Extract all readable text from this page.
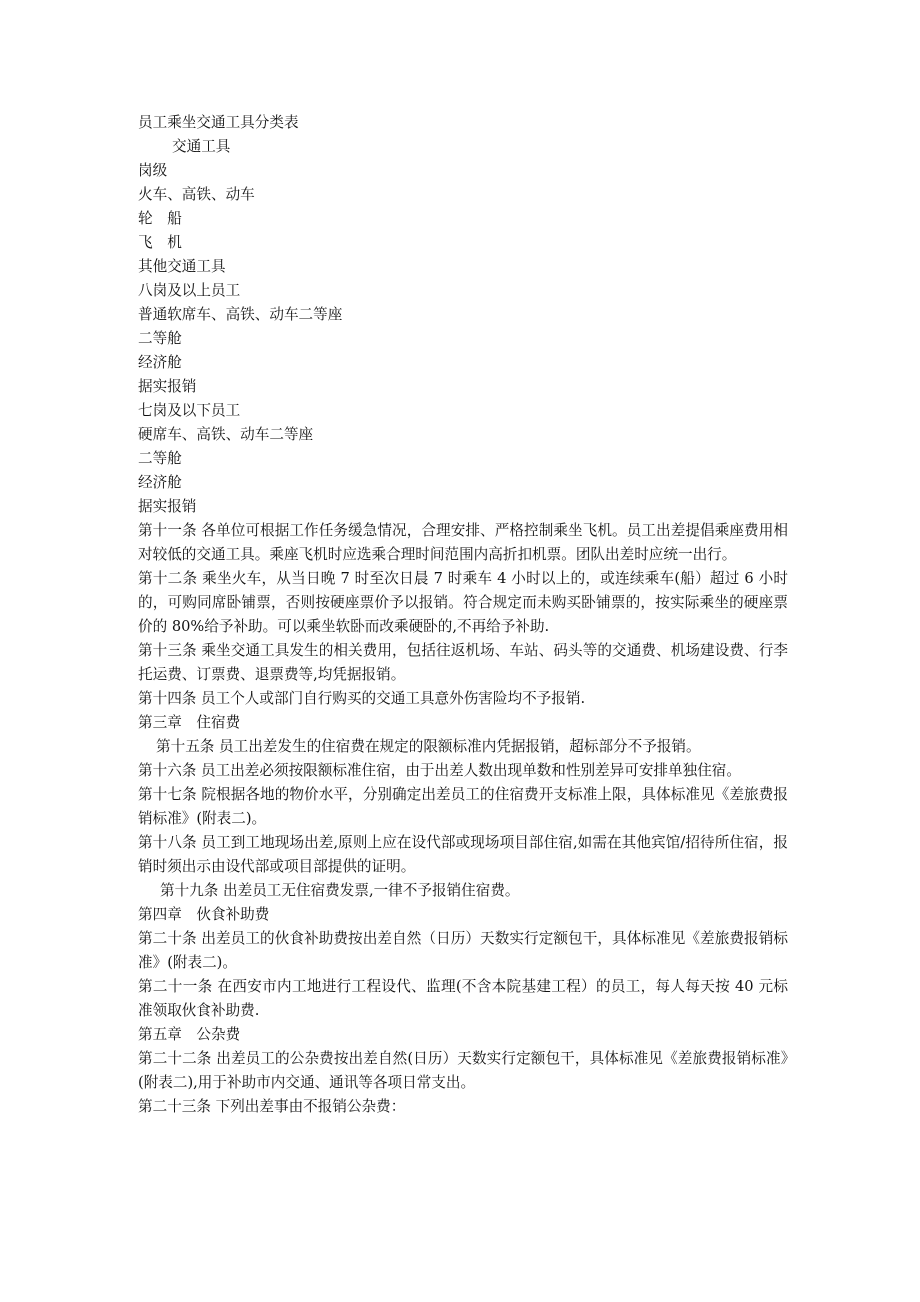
员工乘坐交通工具分类表

交通工具

岗级

火车、高铁、动车

轮　船

飞　机

其他交通工具

八岗及以上员工

普通软席车、高铁、动车二等座

二等舱

经济舱

据实报销

七岗及以下员工

硬席车、高铁、动车二等座

二等舱

经济舱

据实报销

第十一条 各单位可根据工作任务缓急情况，合理安排、严格控制乘坐飞机。员工出差提倡乘座费用相对较低的交通工具。乘座飞机时应选乘合理时间范围内高折扣机票。团队出差时应统一出行。

第十二条 乘坐火车，从当日晚 7 时至次日晨 7 时乘车 4 小时以上的，或连续乘车(船）超过 6 小时的，可购同席卧铺票，否则按硬座票价予以报销。符合规定而未购买卧铺票的，按实际乘坐的硬座票价的 80%给予补助。可以乘坐软卧而改乘硬卧的,不再给予补助.

第十三条 乘坐交通工具发生的相关费用，包括往返机场、车站、码头等的交通费、机场建设费、行李托运费、订票费、退票费等,均凭据报销。

第十四条 员工个人或部门自行购买的交通工具意外伤害险均不予报销.

第三章　住宿费

第十五条 员工出差发生的住宿费在规定的限额标准内凭据报销，超标部分不予报销。

第十六条 员工出差必须按限额标准住宿，由于出差人数出现单数和性别差异可安排单独住宿。

第十七条 院根据各地的物价水平，分别确定出差员工的住宿费开支标准上限，具体标准见《差旅费报销标准》(附表二)。

第十八条 员工到工地现场出差,原则上应在设代部或现场项目部住宿,如需在其他宾馆/招待所住宿，报销时须出示由设代部或项目部提供的证明。

第十九条 出差员工无住宿费发票,一律不予报销住宿费。

第四章　伙食补助费

第二十条 出差员工的伙食补助费按出差自然（日历）天数实行定额包干，具体标准见《差旅费报销标准》(附表二)。

第二十一条 在西安市内工地进行工程设代、监理(不含本院基建工程）的员工，每人每天按 40 元标准领取伙食补助费.

第五章　公杂费

第二十二条 出差员工的公杂费按出差自然(日历）天数实行定额包干，具体标准见《差旅费报销标准》(附表二),用于补助市内交通、通讯等各项日常支出。

第二十三条 下列出差事由不报销公杂费：
